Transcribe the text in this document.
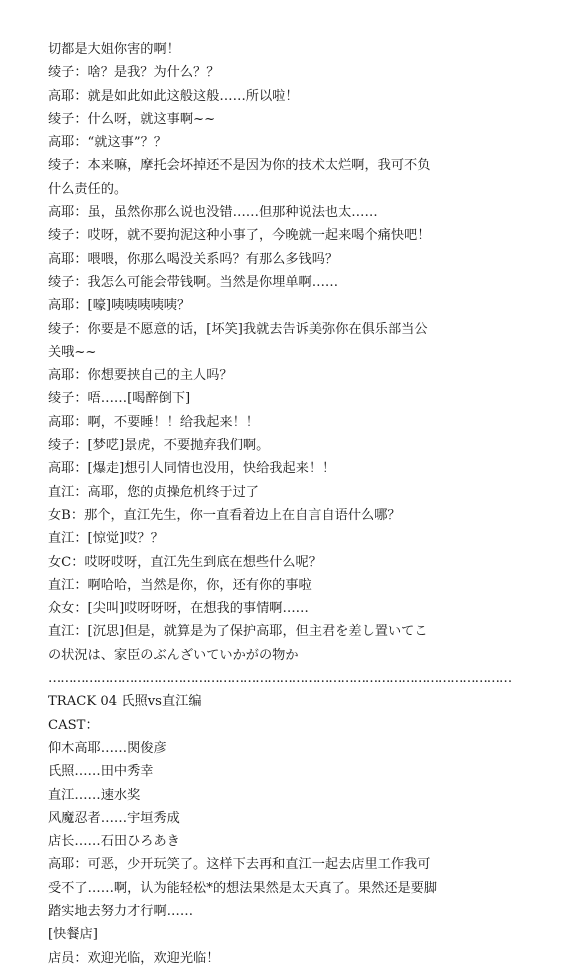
切都是大姐你害的啊！
绫子：啥？是我？为什么？？
高耶：就是如此如此这般这般……所以啦！
绫子：什么呀，就这事啊~~
高耶：“就这事”？？
绫子：本来嘛，摩托会坏掉还不是因为你的技术太烂啊，我可不负
什么责任的。
高耶：虽，虽然你那么说也没错……但那种说法也太……
绫子：哎呀，就不要拘泥这种小事了，今晚就一起来喝个痛快吧！
高耶：喂喂，你那么喝没关系吗？有那么多钱吗？
绫子：我怎么可能会带钱啊。当然是你埋单啊……
高耶：[嚎]咦咦咦咦咦？
绫子：你要是不愿意的话，[坏笑]我就去告诉美弥你在俱乐部当公
关哦~~
高耶：你想要挟自己的主人吗？
绫子：唔……[喝醉倒下]
高耶：啊，不要睡！！给我起来！！
绫子：[梦呓]景虎，不要抛弃我们啊。
高耶：[爆走]想引人同情也没用，快给我起来！！
直江：高耶，您的贞操危机终于过了
女B：那个，直江先生，你一直看着边上在自言自语什么哪？
直江：[惊觉]哎？？
女C：哎呀哎呀，直江先生到底在想些什么呢？
直江：啊哈哈，当然是你，你，还有你的事啦
众女：[尖叫]哎呀呀呀，在想我的事情啊……
直江：[沉思]但是，就算是为了保护高耶，但主君を差し置いてこ
の状況は、家臣のぶんざいていかがの物か
……………………………………………………………………………………………………
TRACK 04 氏照vs直江编
CAST：
仰木高耶……関俊彦
氏照……田中秀幸
直江……速水奖
风魔忍者……宇垣秀成
店长……石田ひろあき
高耶：可恶，少开玩笑了。这样下去再和直江一起去店里工作我可
受不了……啊，认为能轻松*的想法果然是太天真了。果然还是要脚
踏实地去努力才行啊……
[快餐店]
店员：欢迎光临，欢迎光临！
